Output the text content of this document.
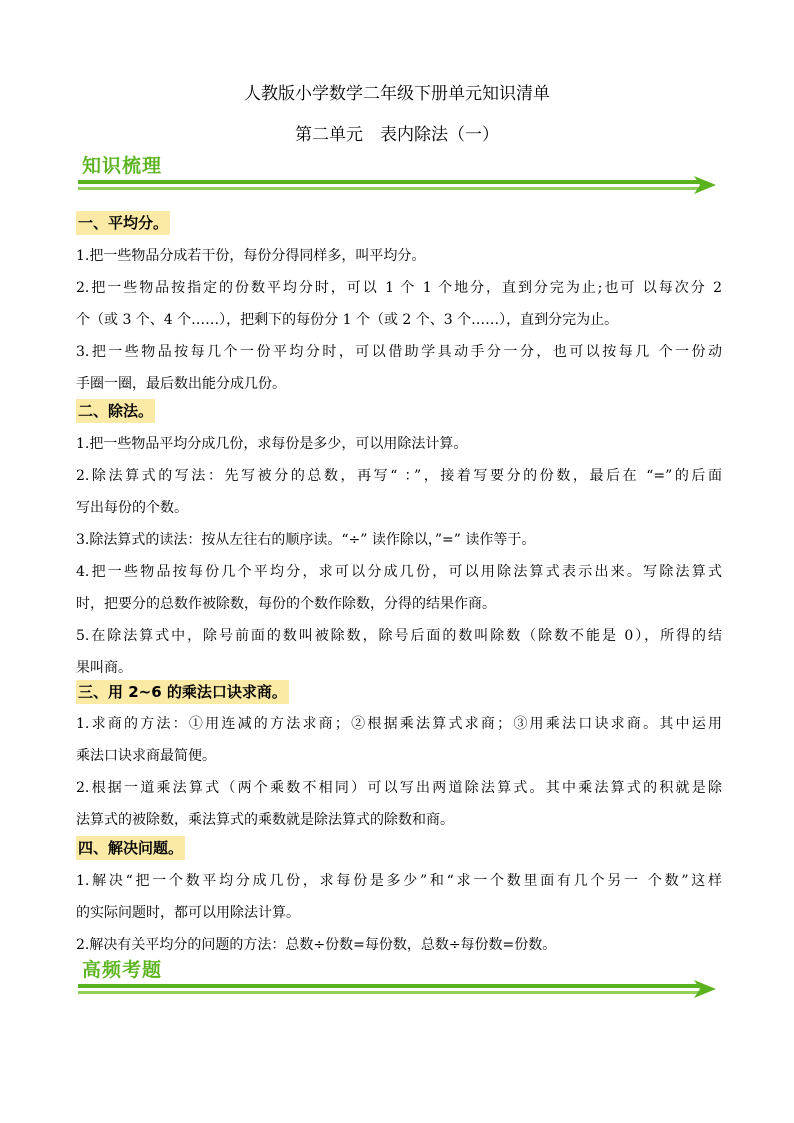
人教版小学数学二年级下册单元知识清单
第二单元　表内除法（一）
知识梳理
一、平均分。
1.把一些物品分成若干份，每份分得同样多，叫平均分。
2.把一些物品按指定的份数平均分时，可以 1 个 1 个地分，直到分完为止;也可 以每次分 2
个（或 3 个、4 个……），把剩下的每份分 1 个（或 2 个、3 个……），直到分完为止。
3.把一些物品按每几个一份平均分时，可以借助学具动手分一分，也可以按每几 个一份动
手圈一圈，最后数出能分成几份。
二、除法。
1.把一些物品平均分成几份，求每份是多少，可以用除法计算。
2.除法算式的写法：先写被分的总数，再写“ ：”，接着写要分的份数，最后在 “=”的后面
写出每份的个数。
3.除法算式的读法：按从左往右的顺序读。“÷” 读作除以，”=” 读作等于。
4.把一些物品按每份几个平均分，求可以分成几份，可以用除法算式表示出来。写除法算式
时，把要分的总数作被除数，每份的个数作除数，分得的结果作商。
5.在除法算式中，除号前面的数叫被除数，除号后面的数叫除数（除数不能是 0），所得的结
果叫商。
三、用 2~6 的乘法口诀求商。
1.求商的方法：①用连减的方法求商；②根据乘法算式求商；③用乘法口诀求商。其中运用
乘法口诀求商最简便。
2.根据一道乘法算式（两个乘数不相同）可以写出两道除法算式。其中乘法算式的积就是除
法算式的被除数，乘法算式的乘数就是除法算式的除数和商。
四、解决问题。
1.解决“把一个数平均分成几份，求每份是多少”和“求一个数里面有几个另一 个数”这样
的实际问题时，都可以用除法计算。
2.解决有关平均分的问题的方法：总数÷份数=每份数，总数÷每份数=份数。
高频考题
